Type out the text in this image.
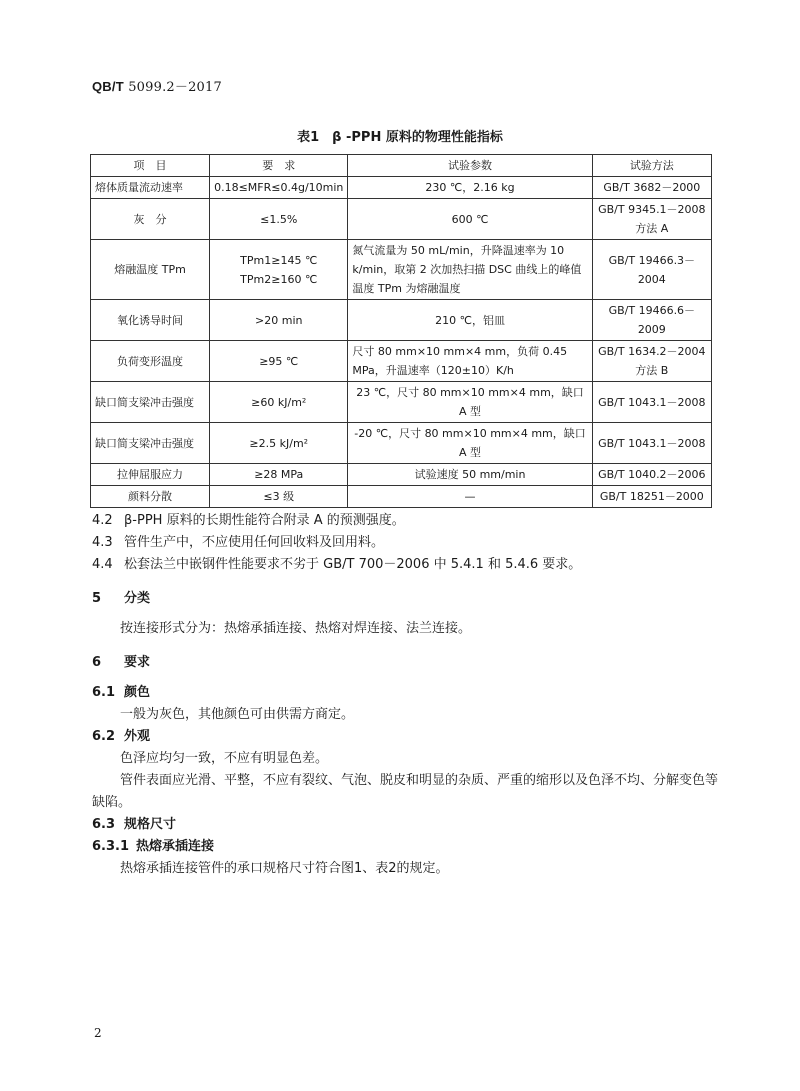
QB/T 5099.2－2017
表1　β -PPH 原料的物理性能指标
项　目	要　求	试验参数	试验方法
熔体质量流动速率	0.18≤MFR≤0.4g/10min	230 ℃，2.16 kg	GB/T 3682－2000
灰　分	≤1.5%	600 ℃	GB/T 9345.1－2008 方法 A
熔融温度 TPm	TPm1≥145 ℃ TPm2≥160 ℃	氮气流量为 50 mL/min，升降温速率为 10 k/min，取第 2 次加热扫描 DSC 曲线上的峰值温度 TPm 为熔融温度	GB/T 19466.3－2004
氧化诱导时间	>20 min	210 ℃，铝皿	GB/T 19466.6－2009
负荷变形温度	≥95 ℃	尺寸 80 mm×10 mm×4 mm，负荷 0.45 MPa，升温速率（120±10）K/h	GB/T 1634.2－2004 方法 B
缺口简支梁冲击强度	≥60 kJ/m²	23 ℃，尺寸 80 mm×10 mm×4 mm，缺口 A 型	GB/T 1043.1－2008
缺口简支梁冲击强度	≥2.5 kJ/m²	-20 ℃，尺寸 80 mm×10 mm×4 mm，缺口 A 型	GB/T 1043.1－2008
拉伸屈服应力	≥28 MPa	试验速度 50 mm/min	GB/T 1040.2－2006
颜料分散	≤3 级	—	GB/T 18251－2000

4.2 β-PPH 原料的长期性能符合附录 A 的预测强度。

4.3 管件生产中，不应使用任何回收料及回用料。

4.4 松套法兰中嵌钢件性能要求不劣于 GB/T 700－2006 中 5.4.1 和 5.4.6 要求。

5 分类

按连接形式分为：热熔承插连接、热熔对焊连接、法兰连接。

6 要求

6.1 颜色

一般为灰色，其他颜色可由供需方商定。

6.2 外观

色泽应均匀一致，不应有明显色差。

管件表面应光滑、平整，不应有裂纹、气泡、脱皮和明显的杂质、严重的缩形以及色泽不均、分解变色等缺陷。

6.3 规格尺寸

6.3.1 热熔承插连接

热熔承插连接管件的承口规格尺寸符合图1、表2的规定。

2
